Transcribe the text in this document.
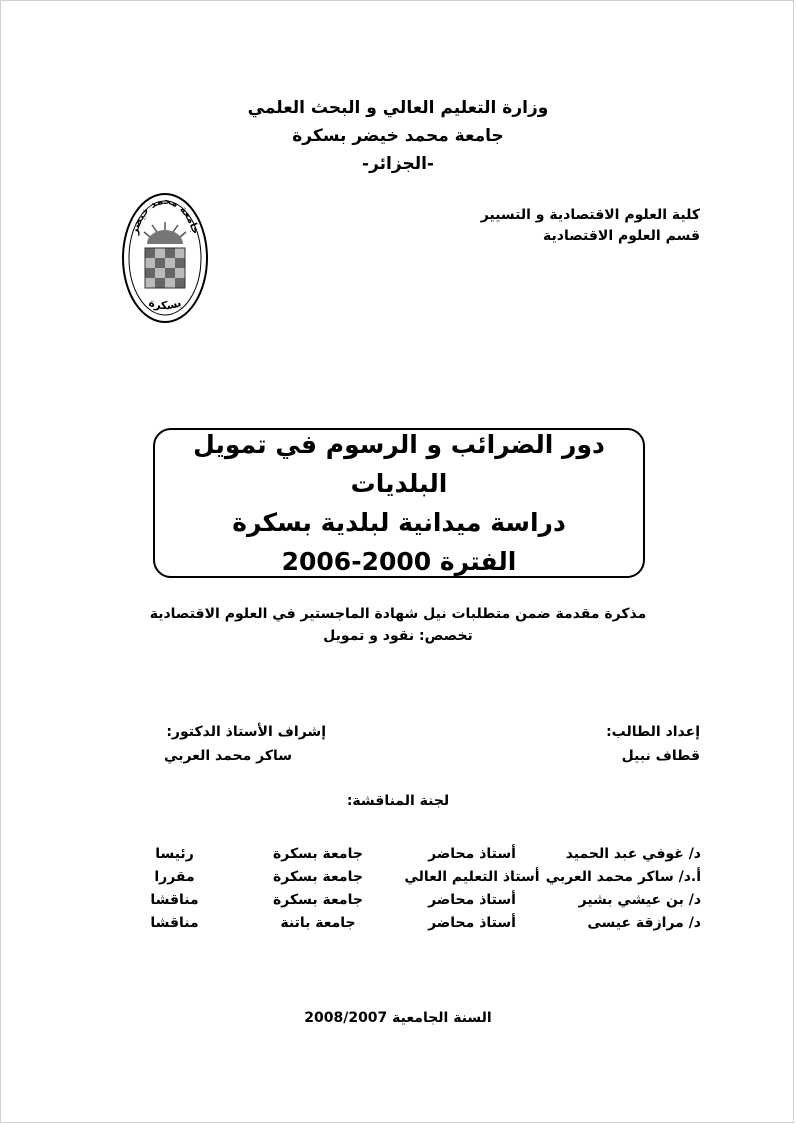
وزارة التعليم العالي و البحث العلمي
جامعة محمد خيضر بسكرة
-الجزائر-
كلية العلوم الاقتصادية و التسيير
قسم العلوم الاقتصادية
جامعة محمد خيضر
بسكرة
دور الضرائب و الرسوم في تمويل البلديات
دراسة ميدانية لبلدية بسكرة
الفترة 2000-2006
مذكرة مقدمة ضمن متطلبات نيل شهادة الماجستير في العلوم الاقتصادية
تخصص: نقود و تمويل
إعداد الطالب:
قطاف نبيل
إشراف الأستاذ الدكتور:
ساكر محمد العربي
لجنة المناقشة:
د/ غوفي عبد الحميد
أستاذ محاضر
جامعة بسكرة
رئيسا
أ.د/ ساكر محمد العربي
أستاذ التعليم العالي
جامعة بسكرة
مقررا
د/ بن عيشي بشير
أستاذ محاضر
جامعة بسكرة
مناقشا
د/ مرازقة عيسى
أستاذ محاضر
جامعة باتنة
مناقشا
السنة الجامعية 2008/2007
